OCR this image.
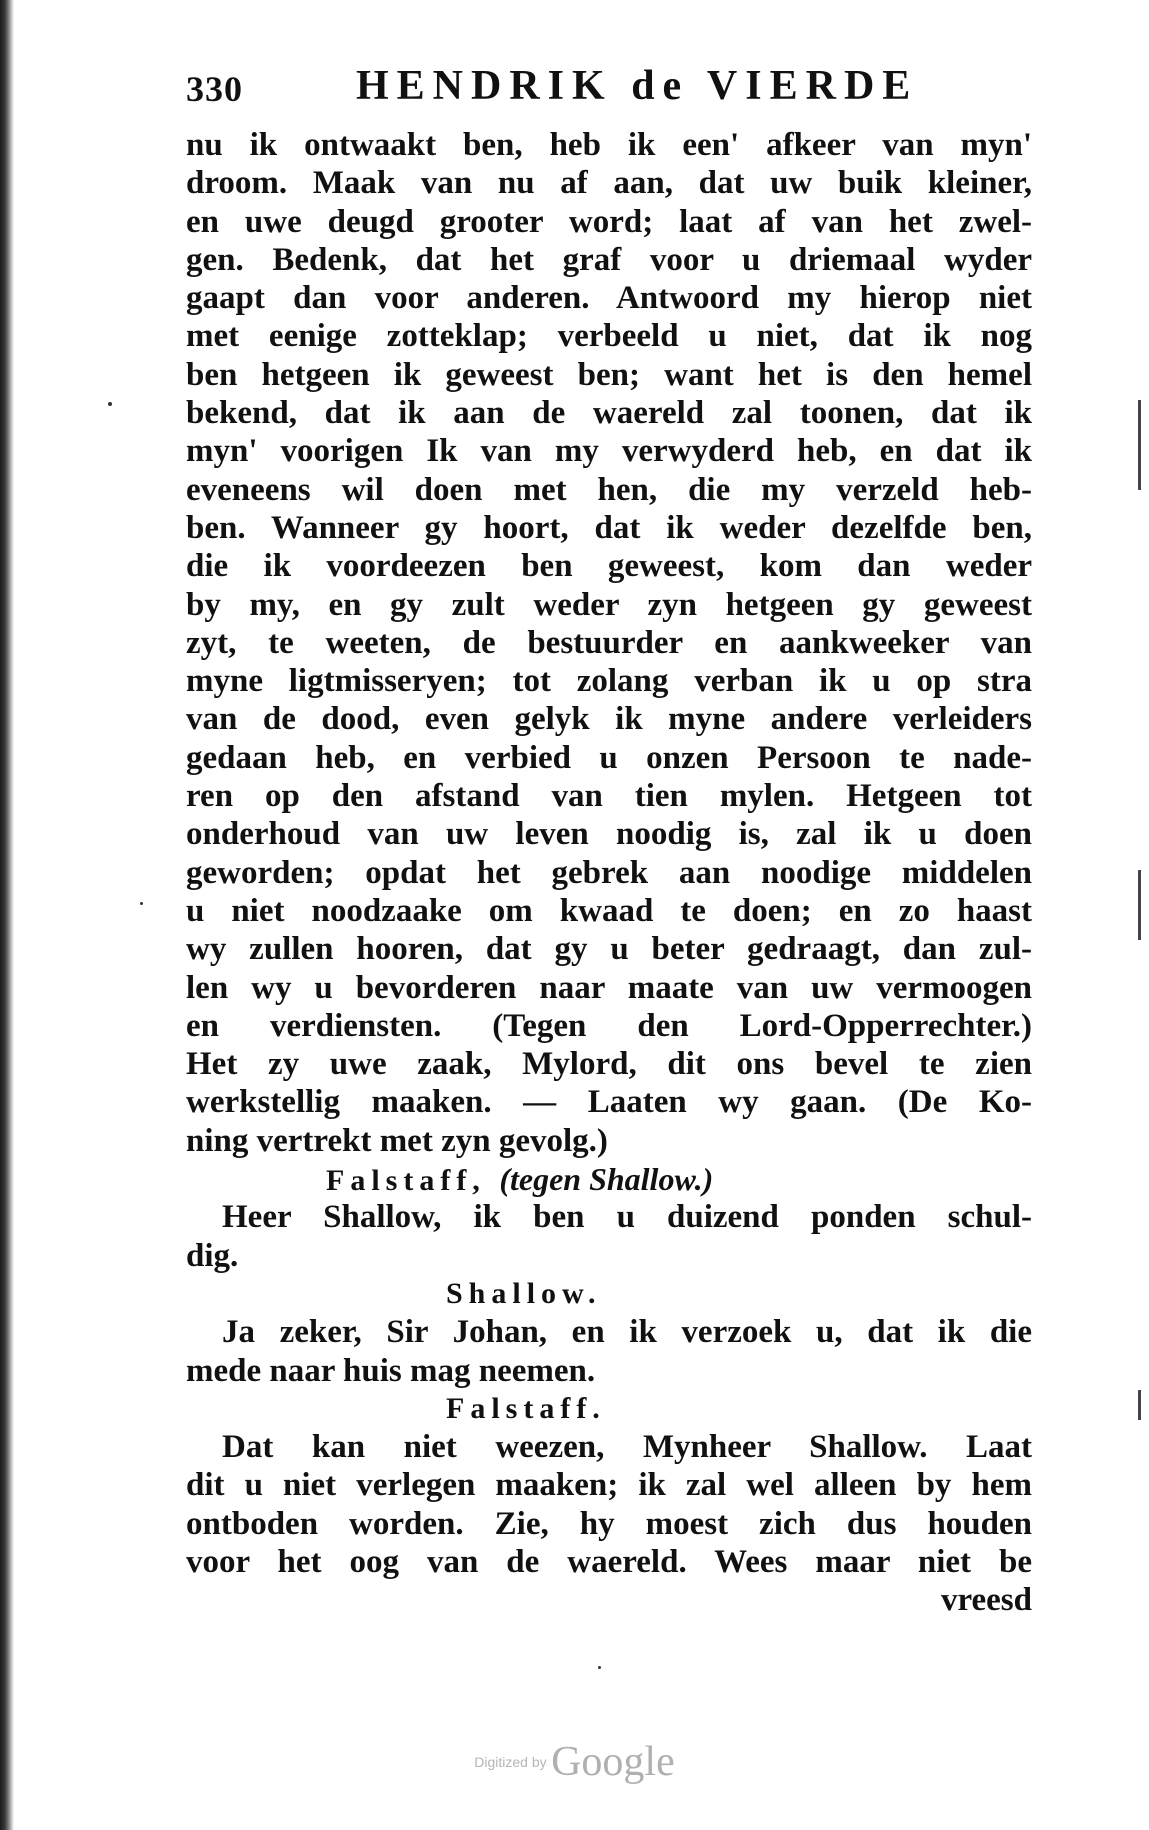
330	HENDRIK de VIERDE
nu ik ontwaakt ben, heb ik een' afkeer van myn'
droom. Maak van nu af aan, dat uw buik kleiner,
en uwe deugd grooter word; laat af van het zwel-
gen. Bedenk, dat het graf voor u driemaal wyder
gaapt dan voor anderen. Antwoord my hierop niet
met eenige zotteklap; verbeeld u niet, dat ik nog
ben hetgeen ik geweest ben; want het is den hemel
bekend, dat ik aan de waereld zal toonen, dat ik
myn' voorigen Ik van my verwyderd heb, en dat ik
eveneens wil doen met hen, die my verzeld heb-
ben. Wanneer gy hoort, dat ik weder dezelfde ben,
die ik voordeezen ben geweest, kom dan weder
by my, en gy zult weder zyn hetgeen gy geweest
zyt, te weeten, de bestuurder en aankweeker van
myne ligtmisseryen; tot zolang verban ik u op stra
van de dood, even gelyk ik myne andere verleiders
gedaan heb, en verbied u onzen Persoon te nade-
ren op den afstand van tien mylen. Hetgeen tot
onderhoud van uw leven noodig is, zal ik u doen
geworden; opdat het gebrek aan noodige middelen
u niet noodzaake om kwaad te doen; en zo haast
wy zullen hooren, dat gy u beter gedraagt, dan zul-
len wy u bevorderen naar maate van uw vermoogen
en verdiensten. (Tegen den Lord-Opperrechter.)
Het zy uwe zaak, Mylord, dit ons bevel te zien
werkstellig maaken. — Laaten wy gaan. (De Ko-
ning vertrekt met zyn gevolg.)
Falstaff, (tegen Shallow.)
Heer Shallow, ik ben u duizend ponden schul-
dig.
Shallow.
Ja zeker, Sir Johan, en ik verzoek u, dat ik die
mede naar huis mag neemen.
Falstaff.
Dat kan niet weezen, Mynheer Shallow. Laat
dit u niet verlegen maaken; ik zal wel alleen by hem
ontboden worden. Zie, hy moest zich dus houden
voor het oog van de waereld. Wees maar niet be
vreesd
Digitized by Google
